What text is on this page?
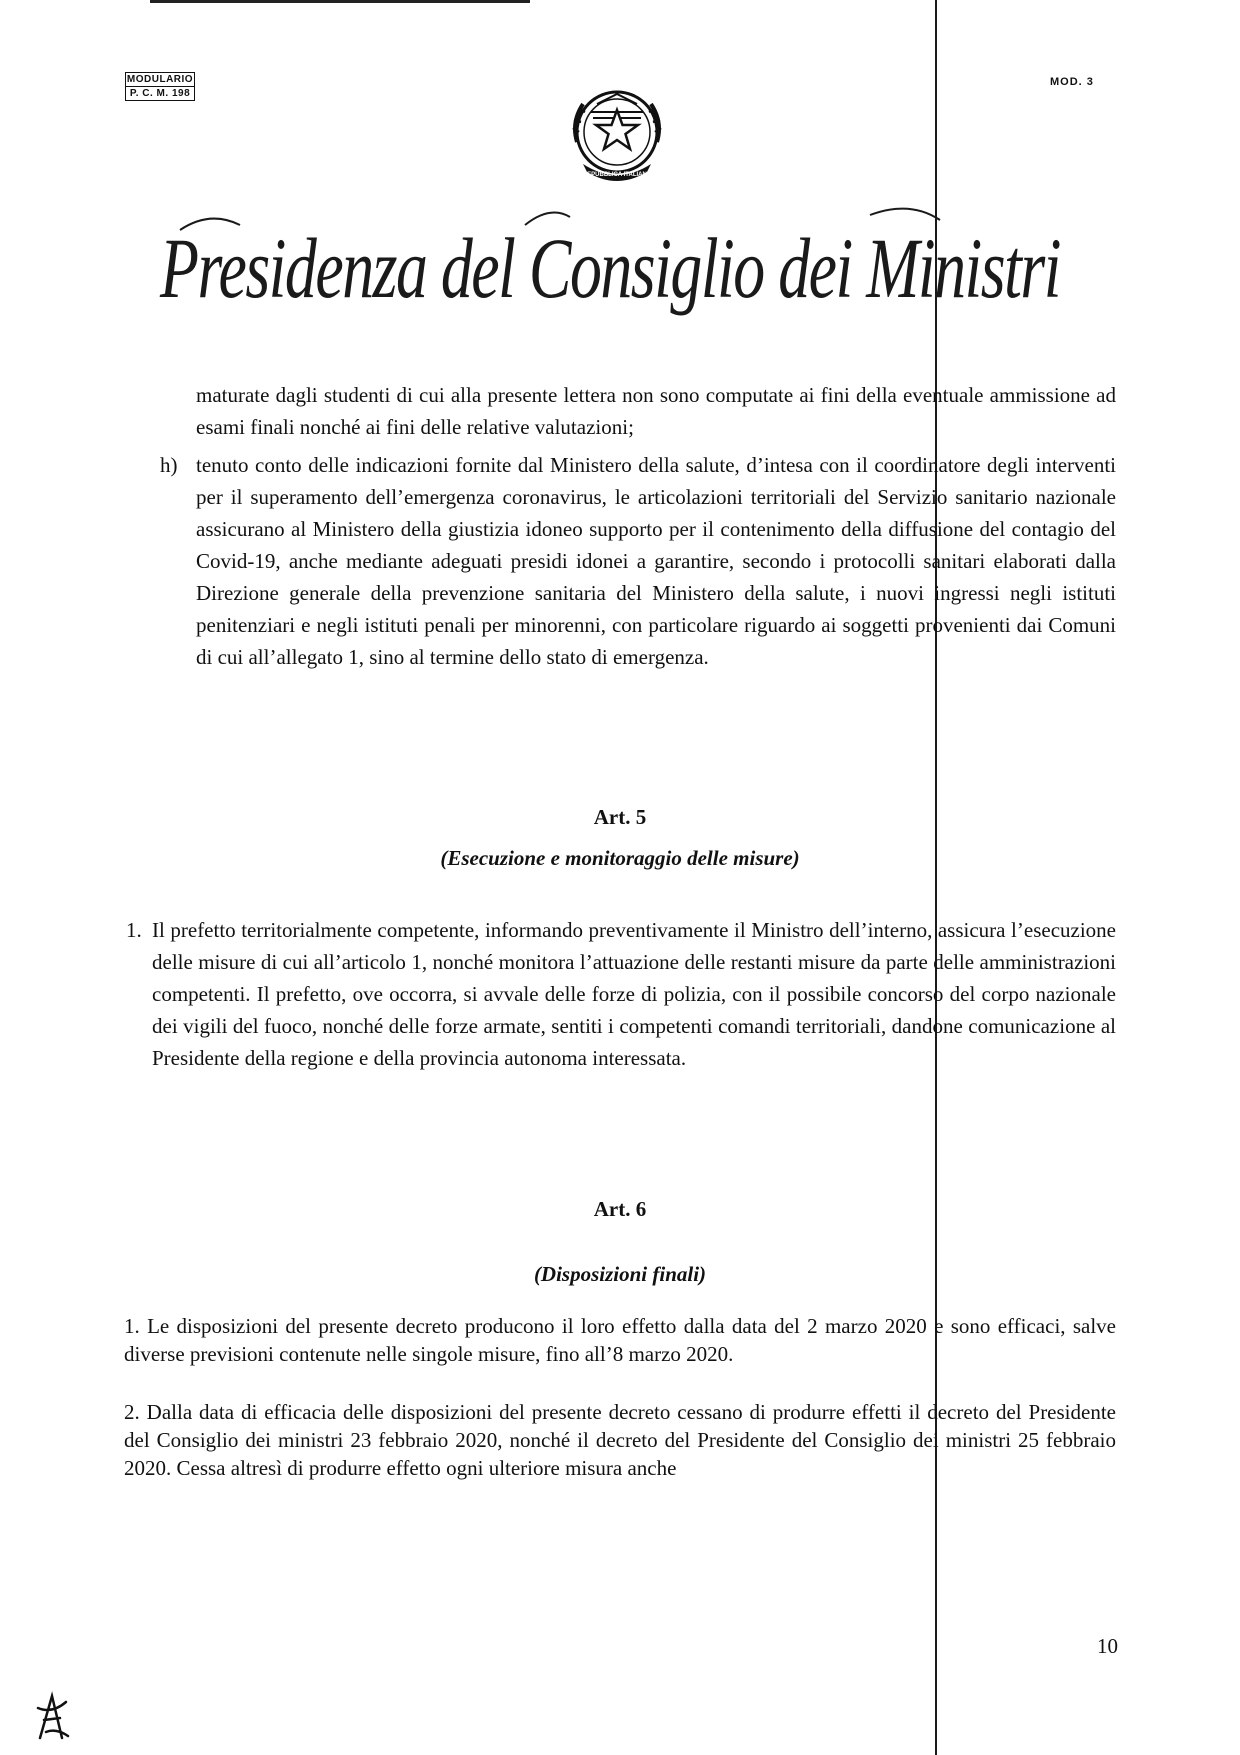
MODULARIO
P. C. M. 198
MOD. 3
REPUBBLICA ITALIANA
Presidenza del Consiglio dei Ministri
maturate dagli studenti di cui alla presente lettera non sono computate ai fini della eventuale ammissione ad esami finali nonché ai fini delle relative valutazioni;
h) tenuto conto delle indicazioni fornite dal Ministero della salute, d’intesa con il coordinatore degli interventi per il superamento dell’emergenza coronavirus, le articolazioni territoriali del Servizio sanitario nazionale assicurano al Ministero della giustizia idoneo supporto per il contenimento della diffusione del contagio del Covid-19, anche mediante adeguati presidi idonei a garantire, secondo i protocolli sanitari elaborati dalla Direzione generale della prevenzione sanitaria del Ministero della salute, i nuovi ingressi negli istituti penitenziari e negli istituti penali per minorenni, con particolare riguardo ai soggetti provenienti dai Comuni di cui all’allegato 1, sino al termine dello stato di emergenza.
Art. 5
(Esecuzione e monitoraggio delle misure)
1. Il prefetto territorialmente competente, informando preventivamente il Ministro dell’interno, assicura l’esecuzione delle misure di cui all’articolo 1, nonché monitora l’attuazione delle restanti misure da parte delle amministrazioni competenti. Il prefetto, ove occorra, si avvale delle forze di polizia, con il possibile concorso del corpo nazionale dei vigili del fuoco, nonché delle forze armate, sentiti i competenti comandi territoriali, dandone comunicazione al Presidente della regione e della provincia autonoma interessata.
Art. 6
(Disposizioni finali)
1. Le disposizioni del presente decreto producono il loro effetto dalla data del 2 marzo 2020 e sono efficaci, salve diverse previsioni contenute nelle singole misure, fino all’8 marzo 2020.
2. Dalla data di efficacia delle disposizioni del presente decreto cessano di produrre effetti il decreto del Presidente del Consiglio dei ministri 23 febbraio 2020, nonché il decreto del Presidente del Consiglio dei ministri 25 febbraio 2020. Cessa altresì di produrre effetto ogni ulteriore misura anche
10
